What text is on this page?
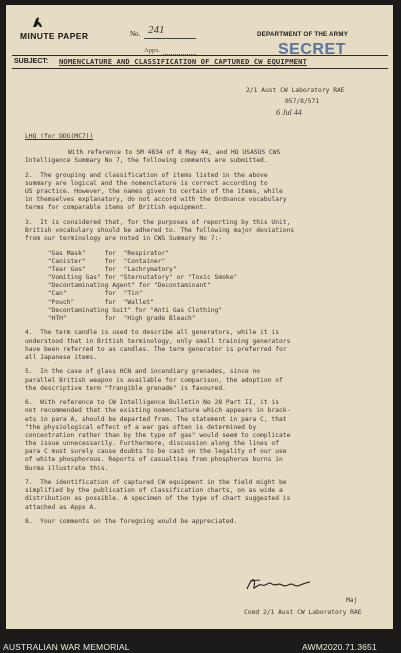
MINUTE PAPER	No. 241
Appx.
DEPARTMENT OF THE ARMY
SECRET
SUBJECT: NOMENCLATURE AND CLASSIFICATION OF CAPTURED CW EQUIPMENT
2/1 Aust CW Laboratory RAE
057/8/571
6 Jul 44
LHQ (for DDG(MC7))
With reference to SM 4834 of 8 May 44, and HQ USASOS CWS
Intelligence Summary No 7, the following comments are submitted.
2.  The grouping and classification of items listed in the above
summary are logical and the nomenclature is correct according to
US practice. However, the names given to certain of the items, while
in themselves explanatory, do not accord with the Ordnance vocabulary
terms for comparable items of British equipment.
3.  It is considered that, for the purposes of reporting by this Unit,
British vocabulary should be adhered to. The following major deviations
from our terminology are noted in CWS Summary No 7:-
"Gas Mask"     for  "Respirator"
"Canister"     for  "Container"
"Tear Gas"     for  "Lachrymatory"
"Vomiting Gas" for "Sternutatory" or "Toxic Smoke"
"Decontaminating Agent" for "Decontaminant"
"Can"          for  "Tin"
"Pouch"        for  "Wallet"
"Decontaminating Suit" for "Anti Gas Clothing"
"HTH"          for  "High grade Bleach"
4.  The term candle is used to describe all generators, while it is
understood that in British terminology, only small training generators
have been referred to as candles. The term generator is preferred for
all Japanese items.
5.  In the case of glass HCN and incendiary grenades, since no
parallel British weapon is available for comparison, the adoption of
the descriptive term "frangible grenade" is favoured.
6.  With reference to CW Intelligence Bulletin No 28 Part II, it is
not recommended that the existing nomenclature which appears in brack-
ets in para A, should be departed from. The statement in para C, that
"the physiological effect of a war gas often is determined by
concentration rather than by the type of gas" would seem to complicate
the issue unnecessarily. Furthermore, discussion along the lines of
para C must surely cause doubts to be cast on the legality of our use
of white phosphorous. Reports of casualties from phosphorus burns in
Burma illustrate this.
7.  The identification of captured CW equipment in the field might be
simplified by the publication of classification charts, on as wide a
distribution as possible. A specimen of the type of chart suggested is
attached as Appx A.
8.  Your comments on the foregoing would be appreciated.
Maj
Comd 2/1 Aust CW Laboratory RAE
AUSTRALIAN WAR MEMORIAL	AWM2020.71.3651
